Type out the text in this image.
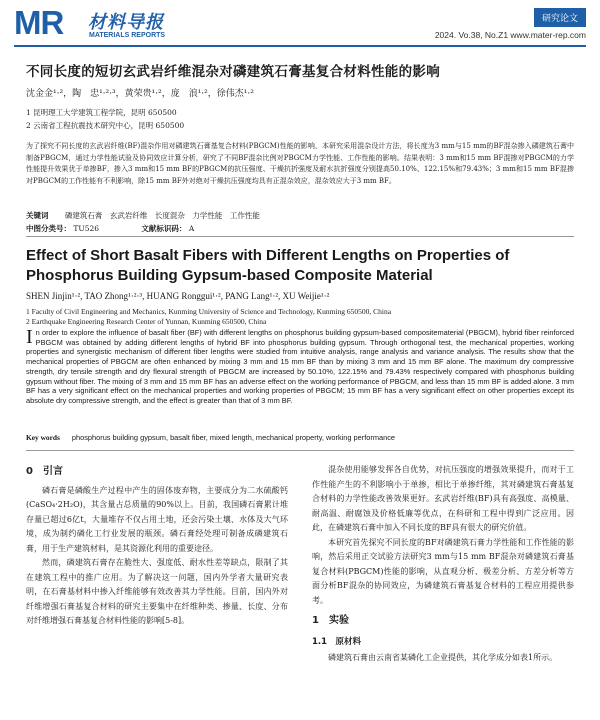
MR 材料导报
MATERIALS REPORTS
研究论文
2024. Vo.38, No.Z1 www.mater-rep.com
不同长度的短切玄武岩纤维混杂对磷建筑石膏基复合材料性能的影响
沈金金¹·²，陶　忠¹·²·³，黄荣贵¹·²，庞　浪¹·²，徐伟杰¹·²
1 昆明理工大学建筑工程学院，昆明 650500
2 云南省工程抗震技术研究中心，昆明 650500
为了探究不同长度的玄武岩纤维(BF)混杂作用对磷建筑石膏基复合材料(PBGCM)性能的影响，本研究采用混杂设计方法，将长度为3 mm与15 mm的BF混杂掺入磷建筑石膏中制备PBGCM，通过力学性能试验及协同效应计算分析，研究了不同BF混杂比例对PBGCM力学性能、工作性能的影响。结果表明：3 mm和15 mm BF混掺对PBGCM的力学性能提升效果优于单掺BF，掺入3 mm和15 mm BF的PBGCM的抗压强度、干燥抗折强度及耐水抗折强度分别提高50.10%、122.15%和79.43%；3 mm和15 mm BF混掺对PBGCM的工作性能有不利影响，除15 mm BF外对绝对干燥抗压强度均具有正混杂效应，混杂效应大于3 mm BF。
关键词 磷建筑石膏　玄武岩纤维　长度混杂　力学性能　工作性能
中图分类号： TU526	文献标识码： A
Effect of Short Basalt Fibers with Different Lengths on Properties of Phosphorus Building Gypsum-based Composite Material
SHEN Jinjin¹·², TAO Zhong¹·²·³, HUANG Ronggui¹·², PANG Lang¹·², XU Weijie¹·²
1 Faculty of Civil Engineering and Mechanics, Kunming University of Science and Technology, Kunming 650500, China
2 Earthquake Engineering Research Center of Yunnan, Kunming 650500, China
In order to explore the influence of basalt fiber (BF) with different lengths on phosphorus building gypsum-based compositematerial (PBGCM), hybrid fiber reinforced PBGCM was obtained by adding different lengths of hybrid BF into phosphorus building gypsum. Through orthogonal test, the mechanical properties, working properties and synergistic mechanism of different fiber lengths were studied from intuitive analysis, range analysis and variance analysis. The results show that the mechanical properties of PBGCM are often enhanced by mixing 3 mm and 15 mm BF than by mixing 3 mm and 15 mm BF alone. The maximum dry compressive strength, dry tensile strength and dry flexural strength of PBGCM are increased by 50.10%, 122.15% and 79.43% respectively compared with phosphorus building gypsum without fiber. The mixing of 3 mm and 15 mm BF has an adverse effect on the working performance of PBGCM, and less than 15 mm BF is added alone. 3 mm BF has a very significant effect on the mechanical properties and working properties of PBGCM; 15 mm BF has a very significant effect on other properties except its absolute dry compressive strength, and the effect is greater than that of 3 mm BF.
Key words phosphorus building gypsum, basalt fiber, mixed length, mechanical property, working performance
0　引言

磷石膏是磷酸生产过程中产生的固体废弃物，主要成分为二水硫酸钙(CaSO₄·2H₂O)，其含量占总质量的90%以上。目前，我国磷石膏累计堆存量已超过6亿t，大量堆存不仅占用土地，还会污染土壤、水体及大气环境，成为制约磷化工行业发展的瓶颈。磷石膏经处理可制备成磷建筑石膏，用于生产建筑材料，是其资源化利用的重要途径。

然而，磷建筑石膏存在脆性大、强度低、耐水性差等缺点，限制了其在建筑工程中的推广应用。为了解决这一问题，国内外学者大量研究表明，在石膏基材料中掺入纤维能够有效改善其力学性能。目前，国内外对纤维增强石膏基复合材料的研究主要集中在纤维种类、掺量、长度、分布对纤维增强石膏基复合材料性能的影响[5-8]。

混杂使用能够发挥各自优势，对抗压强度的增强效果提升，而对于工作性能产生的不利影响小于单掺，相比于单掺纤维，其对磷建筑石膏基复合材料的力学性能改善效果更好。玄武岩纤维(BF)具有高强度、高模量、耐高温、耐腐蚀及价格低廉等优点，在科研和工程中得到广泛应用。因此，在磷建筑石膏中加入不同长度的BF具有很大的研究价值。

本研究首先探究不同长度的BF对磷建筑石膏力学性能和工作性能的影响，然后采用正交试验方法研究3 mm与15 mm BF混杂对磷建筑石膏基复合材料(PBGCM)性能的影响，从直观分析、极差分析、方差分析等方面分析BF混杂的协同效应，为磷建筑石膏基复合材料的工程应用提供参考。

1　实验
1.1　原材料

磷建筑石膏由云南省某磷化工企业提供，其化学成分如表1所示。
